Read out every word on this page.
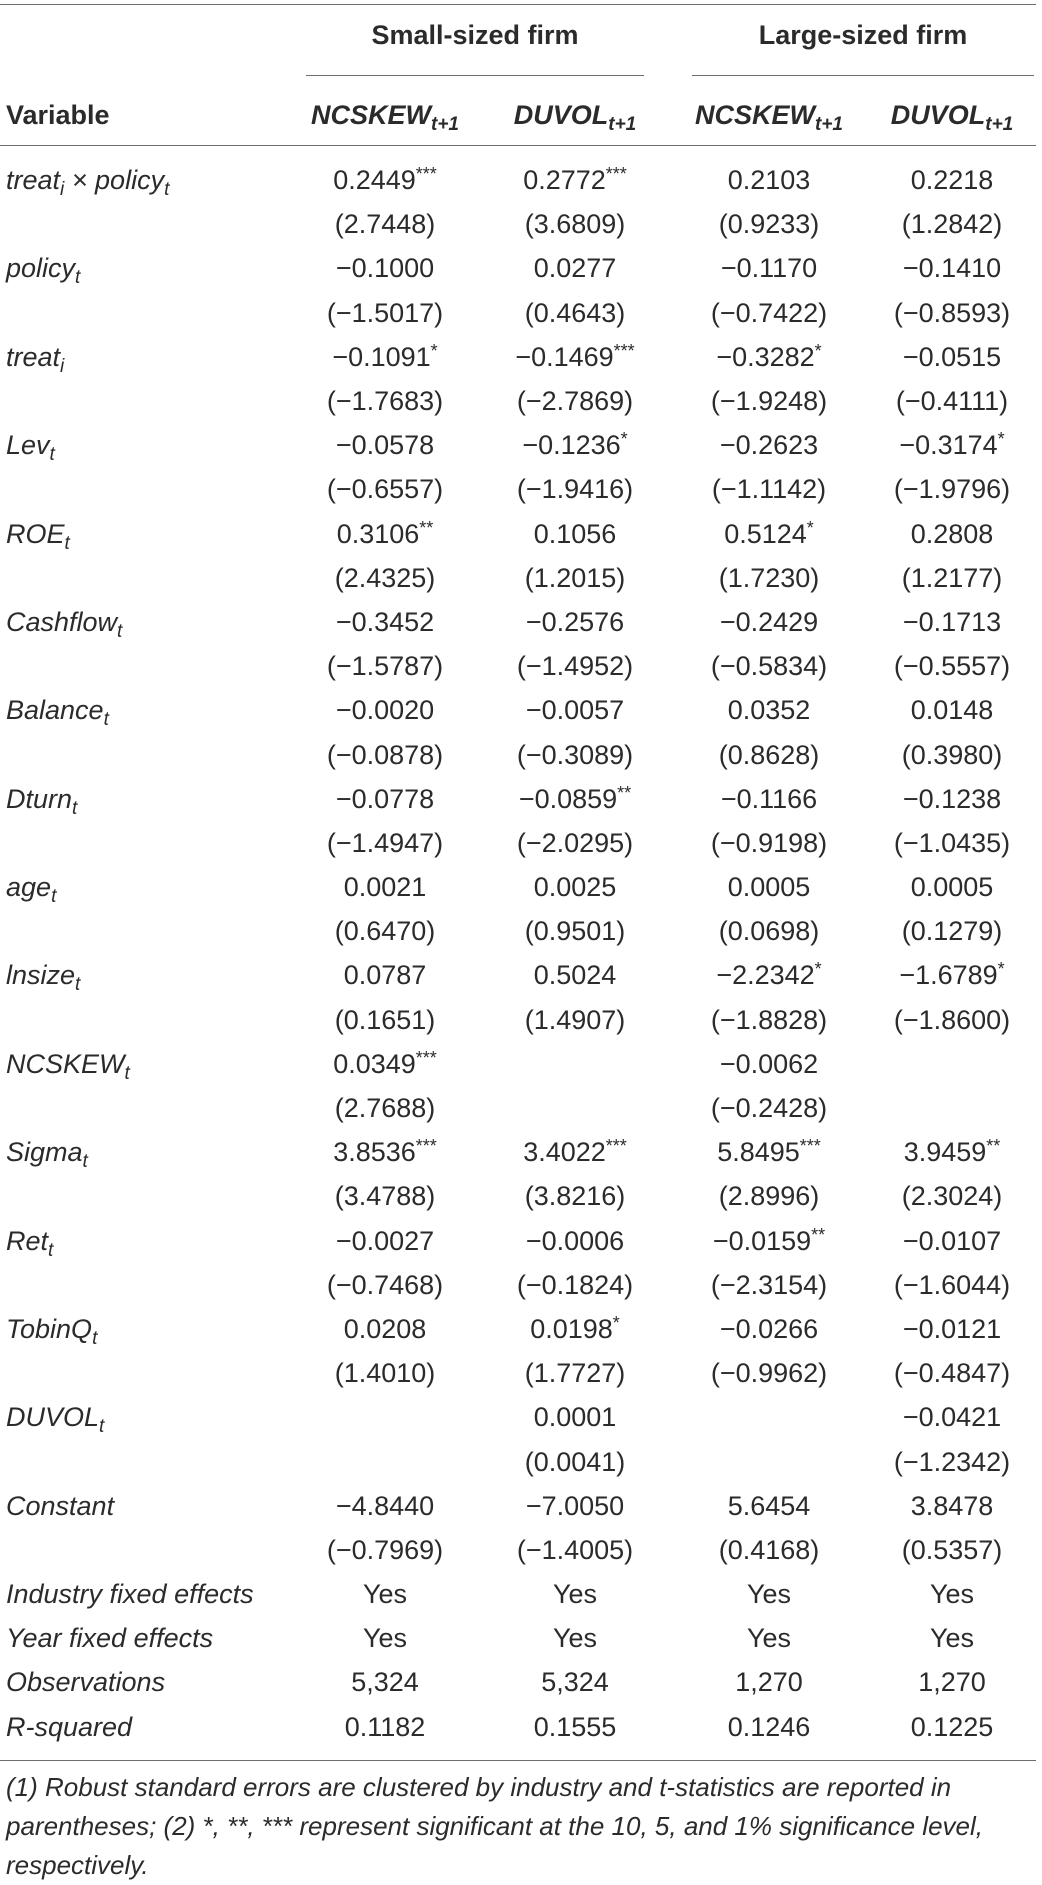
Small-sized firm	Large-sized firm
Variable	$NCSKEW_{t+1}$	$DUVOL_{t+1}$	$NCSKEW_{t+1}$	$DUVOL_{t+1}$
treat$_i$ × policy$_t$	0.2449***	0.2772***	0.2103	0.2218
	(2.7448)	(3.6809)	(0.9233)	(1.2842)
policy$_t$	−0.1000	0.0277	−0.1170	−0.1410
	(−1.5017)	(0.4643)	(−0.7422)	(−0.8593)
treat$_i$	−0.1091*	−0.1469***	−0.3282*	−0.0515
	(−1.7683)	(−2.7869)	(−1.9248)	(−0.4111)
Lev$_t$	−0.0578	−0.1236*	−0.2623	−0.3174*
	(−0.6557)	(−1.9416)	(−1.1142)	(−1.9796)
$ROE_t$	0.3106**	0.1056	0.5124*	0.2808
	(2.4325)	(1.2015)	(1.7230)	(1.2177)
Cashflow$_t$	−0.3452	−0.2576	−0.2429	−0.1713
	(−1.5787)	(−1.4952)	(−0.5834)	(−0.5557)
Balance$_t$	−0.0020	−0.0057	0.0352	0.0148
	(−0.0878)	(−0.3089)	(0.8628)	(0.3980)
Dturn$_t$	−0.0778	−0.0859**	−0.1166	−0.1238
	(−1.4947)	(−2.0295)	(−0.9198)	(−1.0435)
age$_t$	0.0021	0.0025	0.0005	0.0005
	(0.6470)	(0.9501)	(0.0698)	(0.1279)
lnsize$_t$	0.0787	0.5024	−2.2342*	−1.6789*
	(0.1651)	(1.4907)	(−1.8828)	(−1.8600)
$NCSKEW_t$	0.0349***		−0.0062	
	(2.7688)		(−0.2428)	
Sigma$_t$	3.8536***	3.4022***	5.8495***	3.9459**
	(3.4788)	(3.8216)	(2.8996)	(2.3024)
Ret$_t$	−0.0027	−0.0006	−0.0159**	−0.0107
	(−0.7468)	(−0.1824)	(−2.3154)	(−1.6044)
TobinQ$_t$	0.0208	0.0198*	−0.0266	−0.0121
	(1.4010)	(1.7727)	(−0.9962)	(−0.4847)
$DUVOL_t$		0.0001		−0.0421
		(0.0041)		(−1.2342)
Constant	−4.8440	−7.0050	5.6454	3.8478
	(−0.7969)	(−1.4005)	(0.4168)	(0.5357)
Industry fixed effects	Yes	Yes	Yes	Yes
Year fixed effects	Yes	Yes	Yes	Yes
Observations	5,324	5,324	1,270	1,270
R-squared	0.1182	0.1555	0.1246	0.1225
(1) Robust standard errors are clustered by industry and t-statistics are reported in parentheses; (2) *, **, *** represent significant at the 10, 5, and 1% significance level, respectively.
